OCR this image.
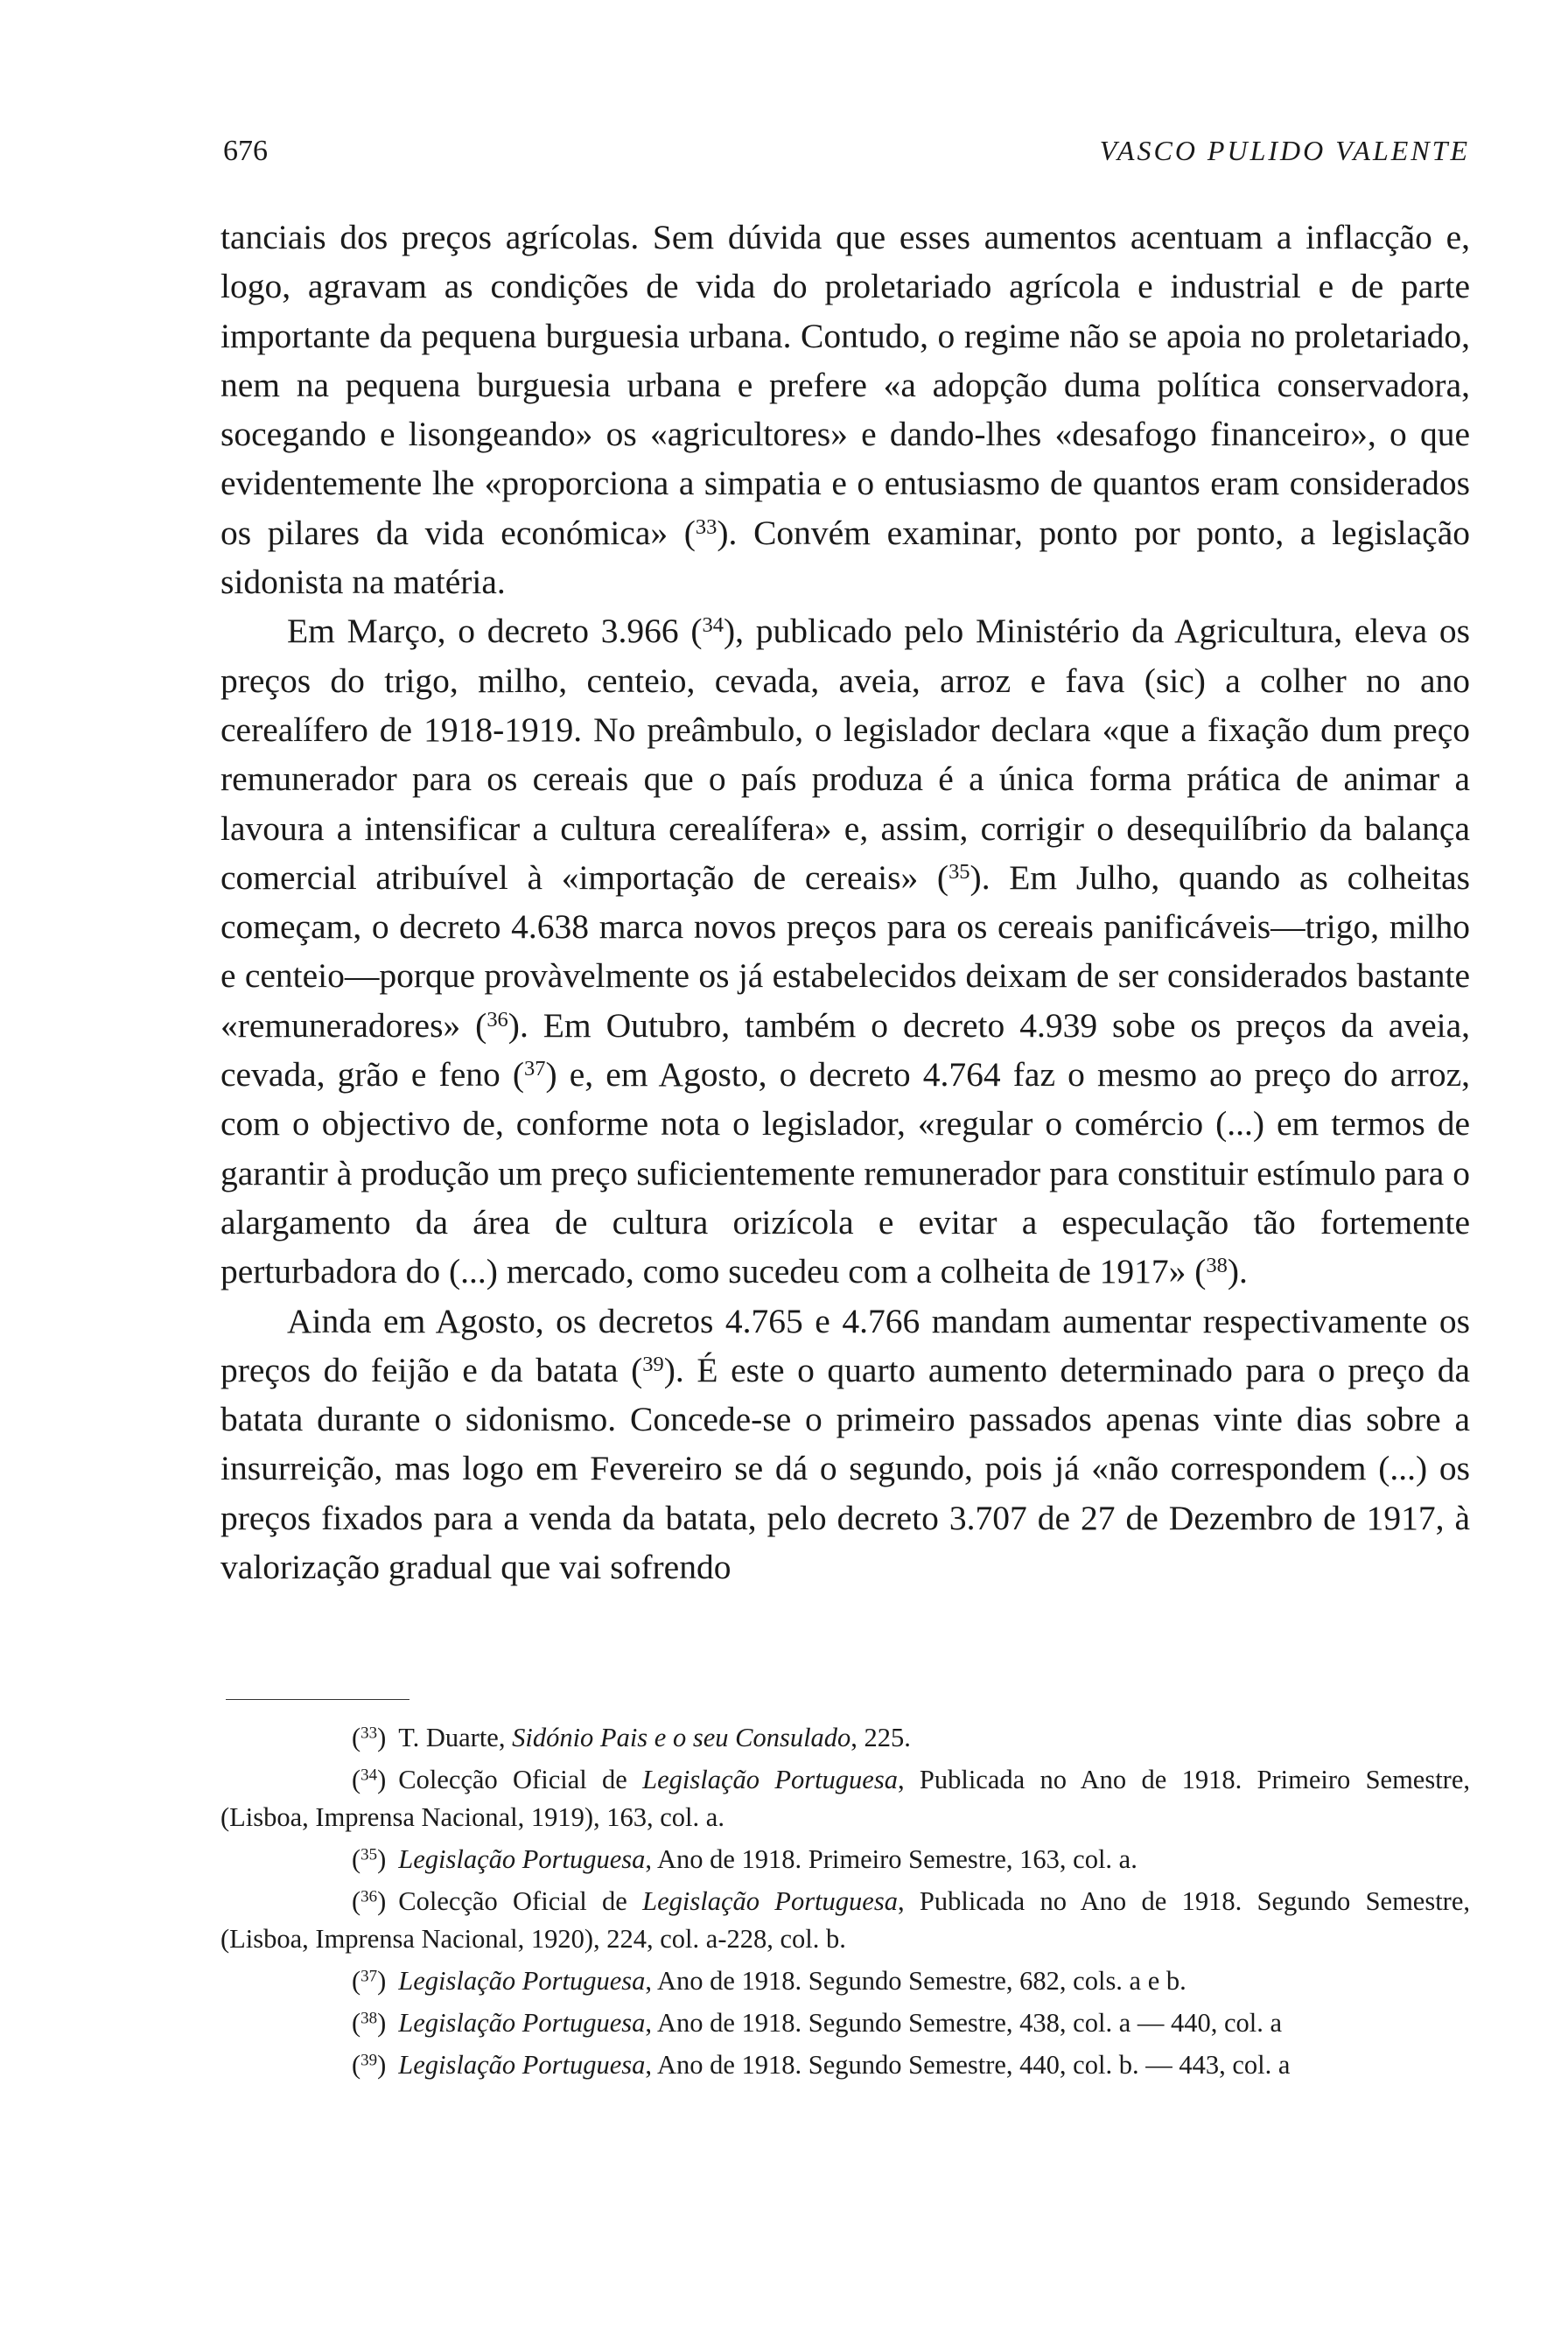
676	VASCO PULIDO VALENTE

tanciais dos preços agrícolas. Sem dúvida que esses aumentos acentuam a inflacção e, logo, agravam as condições de vida do proletariado agrícola e industrial e de parte importante da pequena burguesia urbana. Contudo, o regime não se apoia no proletariado, nem na pequena burguesia urbana e prefere «a adopção duma política conservadora, socegando e lisongeando» os «agricultores» e dando-lhes «desafogo financeiro», o que evidentemente lhe «proporciona a simpatia e o entusiasmo de quantos eram considerados os pilares da vida económica» ($^{33}$). Convém examinar, ponto por ponto, a legislação sidonista na matéria.

Em Março, o decreto 3.966 ($^{34}$), publicado pelo Ministério da Agricultura, eleva os preços do trigo, milho, centeio, cevada, aveia, arroz e fava (sic) a colher no ano cerealífero de 1918-1919. No preâmbulo, o legislador declara «que a fixação dum preço remunerador para os cereais que o país produza é a única forma prática de animar a lavoura a intensificar a cultura cerealífera» e, assim, corrigir o desequilíbrio da balança comercial atribuível à «importação de cereais» ($^{35}$). Em Julho, quando as colheitas começam, o decreto 4.638 marca novos preços para os cereais panificáveis—trigo, milho e centeio—porque provàvelmente os já estabelecidos deixam de ser considerados bastante «remuneradores» ($^{36}$). Em Outubro, também o decreto 4.939 sobe os preços da aveia, cevada, grão e feno ($^{37}$) e, em Agosto, o decreto 4.764 faz o mesmo ao preço do arroz, com o objectivo de, conforme nota o legislador, «regular o comércio (...) em termos de garantir à produção um preço suficientemente remunerador para constituir estímulo para o alargamento da área de cultura orizícola e evitar a especulação tão fortemente perturbadora do (...) mercado, como sucedeu com a colheita de 1917» ($^{38}$).

Ainda em Agosto, os decretos 4.765 e 4.766 mandam aumentar respectivamente os preços do feijão e da batata ($^{39}$). É este o quarto aumento determinado para o preço da batata durante o sidonismo. Concede-se o primeiro passados apenas vinte dias sobre a insurreição, mas logo em Fevereiro se dá o segundo, pois já «não correspondem (...) os preços fixados para a venda da batata, pelo decreto 3.707 de 27 de Dezembro de 1917, à valorização gradual que vai sofrendo

($^{33}$) T. Duarte, Sidónio Pais e o seu Consulado, 225.

($^{34}$) Colecção Oficial de Legislação Portuguesa, Publicada no Ano de 1918. Primeiro Semestre, (Lisboa, Imprensa Nacional, 1919), 163, col. a.

($^{35}$) Legislação Portuguesa, Ano de 1918. Primeiro Semestre, 163, col. a.

($^{36}$) Colecção Oficial de Legislação Portuguesa, Publicada no Ano de 1918. Segundo Semestre, (Lisboa, Imprensa Nacional, 1920), 224, col. a-228, col. b.

($^{37}$) Legislação Portuguesa, Ano de 1918. Segundo Semestre, 682, cols. a e b.

($^{38}$) Legislação Portuguesa, Ano de 1918. Segundo Semestre, 438, col. a — 440, col. a

($^{39}$) Legislação Portuguesa, Ano de 1918. Segundo Semestre, 440, col. b. — 443, col. a
